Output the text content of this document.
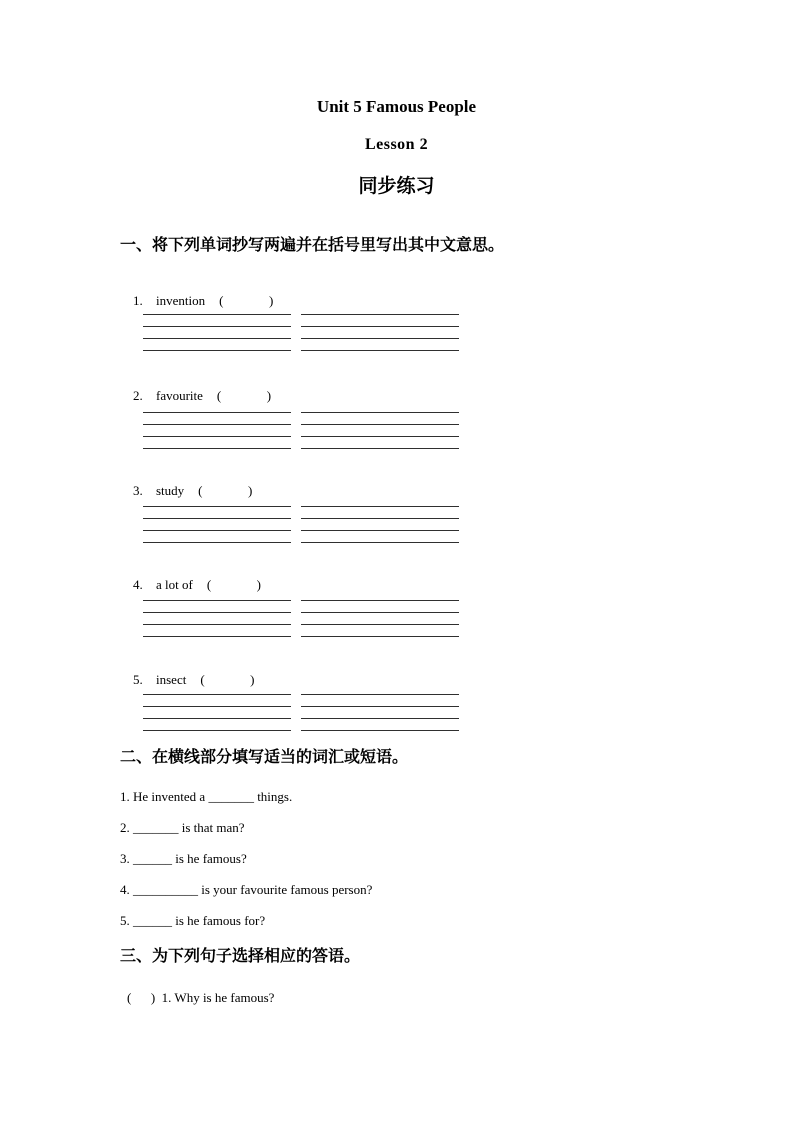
Unit 5 Famous People
Lesson 2
同步练习
一、将下列单词抄写两遍并在括号里写出其中文意思。

1. invention (              )

2. favourite (              )

3. study (              )

4. a lot of (              )

5. insect (              )

二、在横线部分填写适当的词汇或短语。
1. He invented a _______ things.
2. _______ is that man?
3. ______ is he famous?
4. __________ is your favourite famous person?
5. ______ is he famous for?
三、为下列句子选择相应的答语。
(      )  1. Why is he famous?
